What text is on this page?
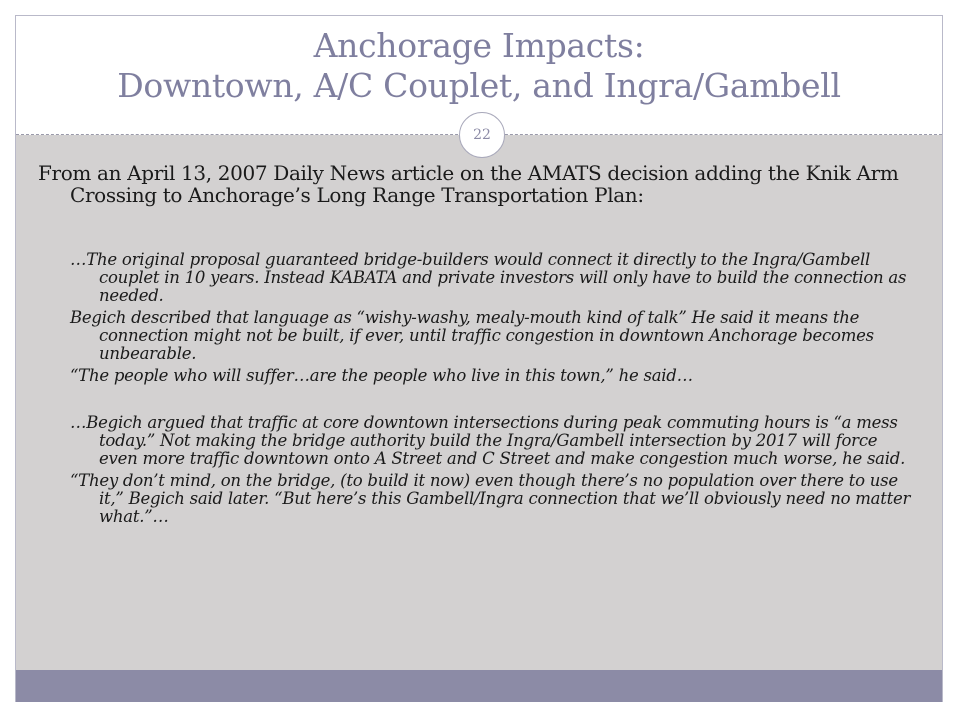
Anchorage Impacts:
Downtown, A/C Couplet, and Ingra/Gambell
22

From an April 13, 2007 Daily News article on the AMATS decision adding the Knik Arm Crossing to Anchorage’s Long Range Transportation Plan:

…The original proposal guaranteed bridge-builders would connect it directly to the Ingra/Gambell couplet in 10 years. Instead KABATA and private investors will only have to build the connection as needed.
Begich described that language as “wishy-washy, mealy-mouth kind of talk” He said it means the connection might not be built, if ever, until traffic congestion in downtown Anchorage becomes unbearable.
“The people who will suffer…are the people who live in this town,” he said…
…Begich argued that traffic at core downtown intersections during peak commuting hours is “a mess today.” Not making the bridge authority build the Ingra/Gambell intersection by 2017 will force even more traffic downtown onto A Street and C Street and make congestion much worse, he said.
“They don’t mind, on the bridge, (to build it now) even though there’s no population over there to use it,” Begich said later. “But here’s this Gambell/Ingra connection that we’ll obviously need no matter what.”…
